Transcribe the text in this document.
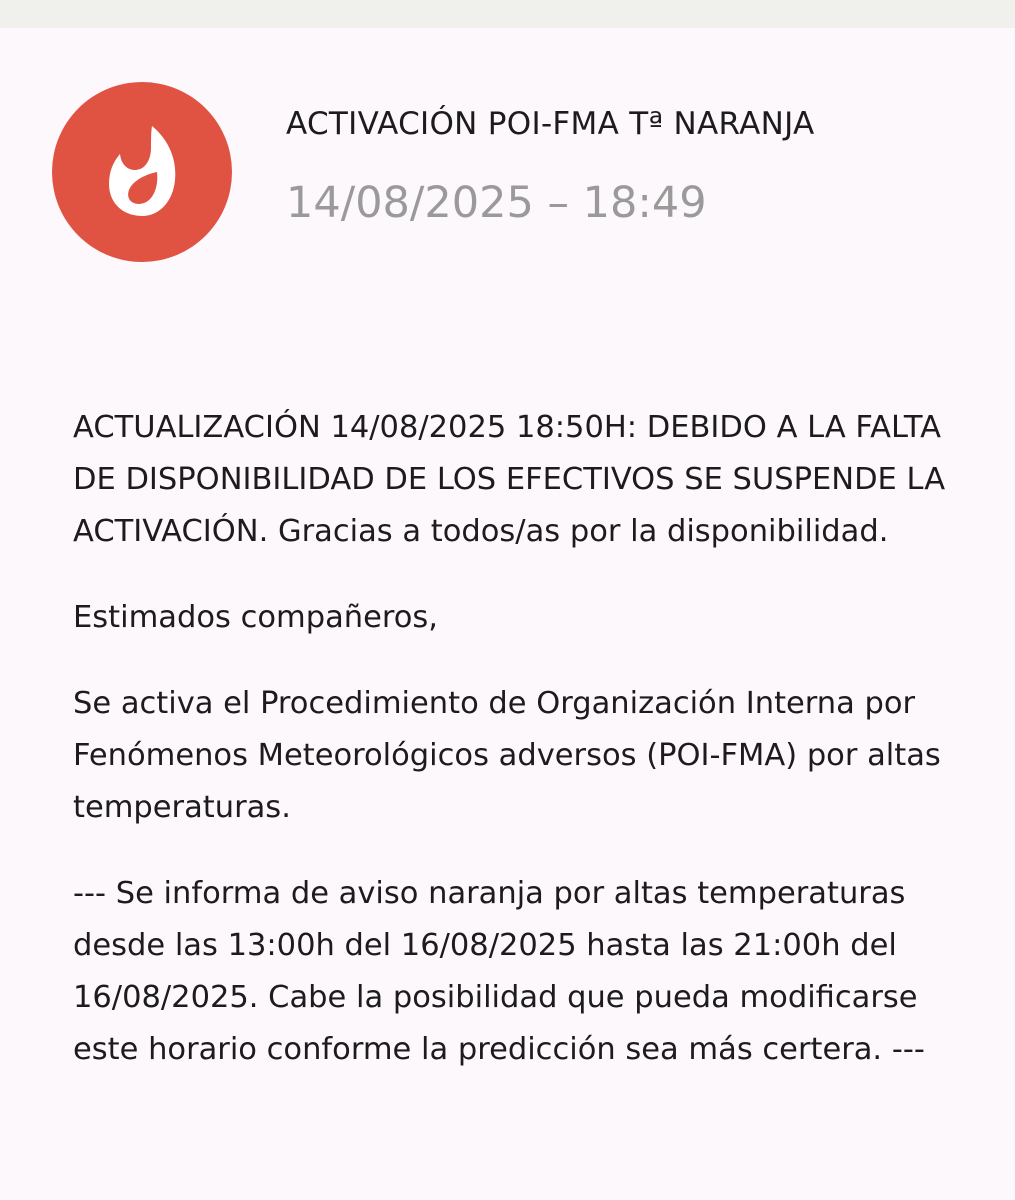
ACTIVACIÓN POI-FMA Tª NARANJA
14/08/2025 – 18:49

ACTUALIZACIÓN 14/08/2025 18:50H: DEBIDO A LA FALTA DE DISPONIBILIDAD DE LOS EFECTIVOS SE SUSPENDE LA ACTIVACIÓN. Gracias a todos/as por la disponibilidad.

Estimados compañeros,

Se activa el Procedimiento de Organización Interna por Fenómenos Meteorológicos adversos (POI-FMA) por altas temperaturas.

--- Se informa de aviso naranja por altas temperaturas desde las 13:00h del 16/08/2025 hasta las 21:00h del 16/08/2025. Cabe la posibilidad que pueda modificarse este horario conforme la predicción sea más certera. ---
